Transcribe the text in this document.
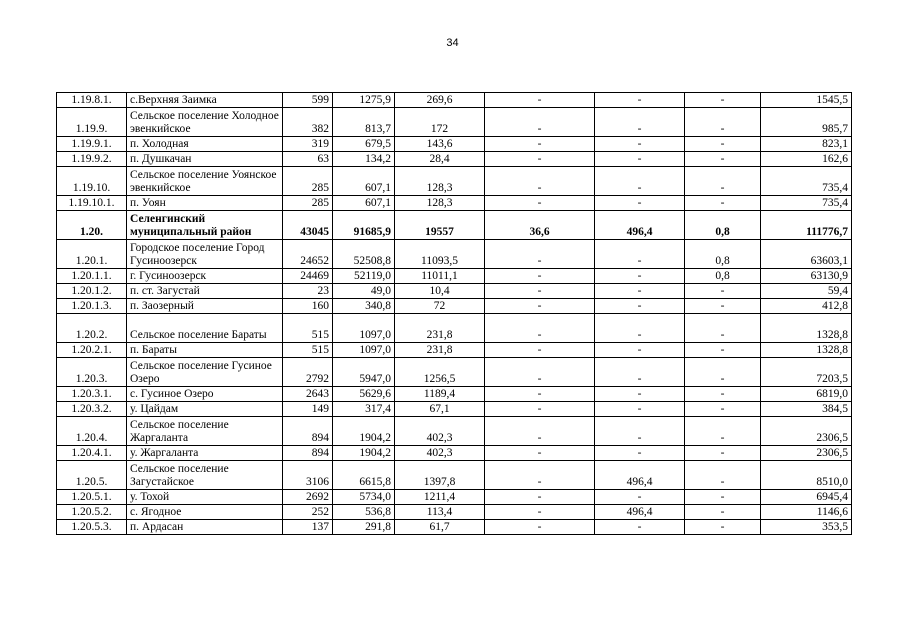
34
1.19.8.1.	с.Верхняя Заимка	599	1275,9	269,6	-	-	-	1545,5
1.19.9.	Сельское поселение Холодное эвенкийское	382	813,7	172	-	-	-	985,7
1.19.9.1.	п. Холодная	319	679,5	143,6	-	-	-	823,1
1.19.9.2.	п. Душкачан	63	134,2	28,4	-	-	-	162,6
1.19.10.	Сельское поселение Уоянское эвенкийское	285	607,1	128,3	-	-	-	735,4
1.19.10.1.	п. Уоян	285	607,1	128,3	-	-	-	735,4
1.20.	Селенгинский муниципальный район	43045	91685,9	19557	36,6	496,4	0,8	111776,7
1.20.1.	Городское поселение Город Гусиноозерск	24652	52508,8	11093,5	-	-	0,8	63603,1
1.20.1.1.	г. Гусиноозерск	24469	52119,0	11011,1	-	-	0,8	63130,9
1.20.1.2.	п. ст. Загустай	23	49,0	10,4	-	-	-	59,4
1.20.1.3.	п. Заозерный	160	340,8	72	-	-	-	412,8
1.20.2.	Сельское поселение Бараты	515	1097,0	231,8	-	-	-	1328,8
1.20.2.1.	п. Бараты	515	1097,0	231,8	-	-	-	1328,8
1.20.3.	Сельское поселение Гусиное Озеро	2792	5947,0	1256,5	-	-	-	7203,5
1.20.3.1.	с. Гусиное Озеро	2643	5629,6	1189,4	-	-	-	6819,0
1.20.3.2.	у. Цайдам	149	317,4	67,1	-	-	-	384,5
1.20.4.	Сельское поселение Жаргаланта	894	1904,2	402,3	-	-	-	2306,5
1.20.4.1.	у. Жаргаланта	894	1904,2	402,3	-	-	-	2306,5
1.20.5.	Сельское поселение Загустайское	3106	6615,8	1397,8	-	496,4	-	8510,0
1.20.5.1.	у. Тохой	2692	5734,0	1211,4	-	-	-	6945,4
1.20.5.2.	с. Ягодное	252	536,8	113,4	-	496,4	-	1146,6
1.20.5.3.	п. Ардасан	137	291,8	61,7	-	-	-	353,5
